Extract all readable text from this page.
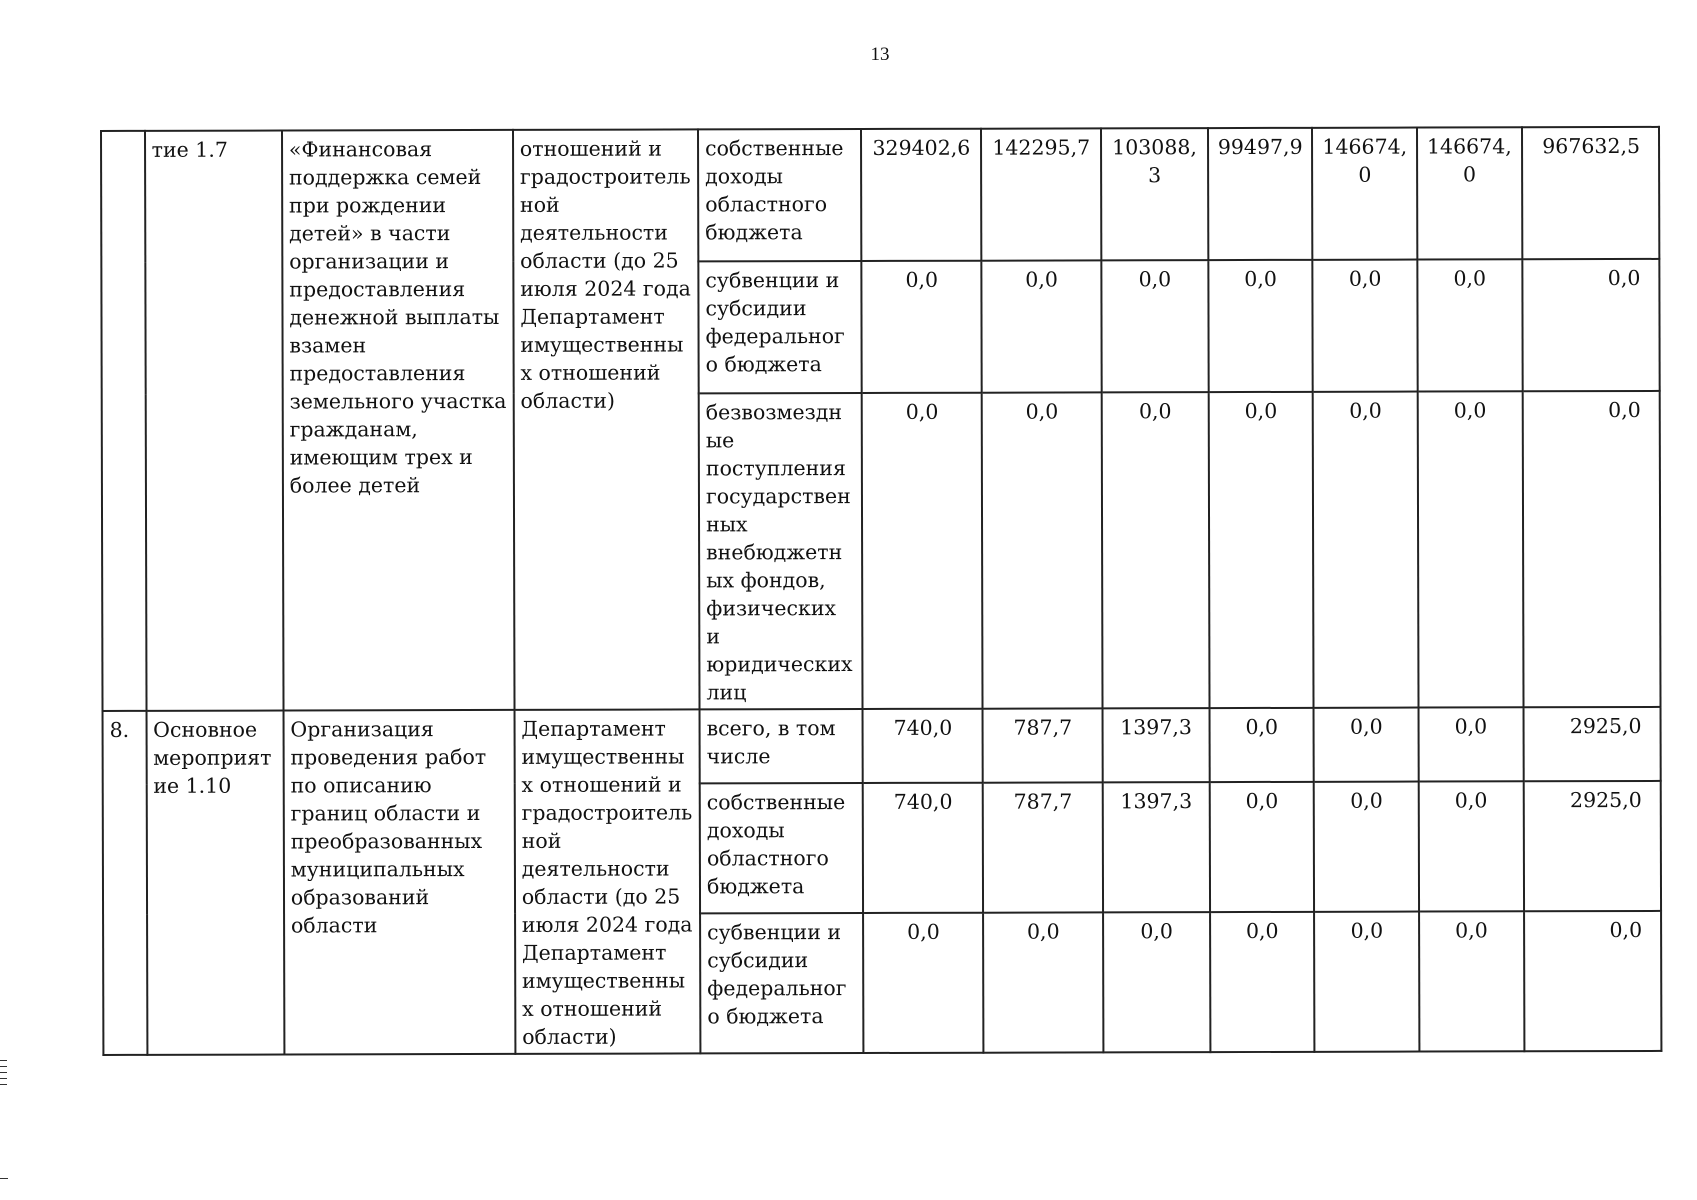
13
	тие 1.7	«Финансовая поддержка семей при рождении детей» в части организации и предоставления денежной выплаты взамен предоставления земельного участка гражданам, имеющим трех и более детей	отношений и градостроительной деятельности области (до 25 июля 2024 года Департамент имущественных отношений области)	собственные доходы областного бюджета	329402,6	142295,7	103088,3	99497,9	146674,0	146674,0	967632,5
				субвенции и субсидии федерального бюджета	0,0	0,0	0,0	0,0	0,0	0,0	0,0
				безвозмездные поступления государственных внебюджетных фондов, физических и юридических лиц	0,0	0,0	0,0	0,0	0,0	0,0	0,0
8.	Основное мероприятие 1.10	Организация проведения работ по описанию границ области и преобразованных муниципальных образований области	Департамент имущественных отношений и градостроительной деятельности области (до 25 июля 2024 года Департамент имущественных отношений области)	всего, в том числе	740,0	787,7	1397,3	0,0	0,0	0,0	2925,0
				собственные доходы областного бюджета	740,0	787,7	1397,3	0,0	0,0	0,0	2925,0
				субвенции и субсидии федерального бюджета	0,0	0,0	0,0	0,0	0,0	0,0	0,0
